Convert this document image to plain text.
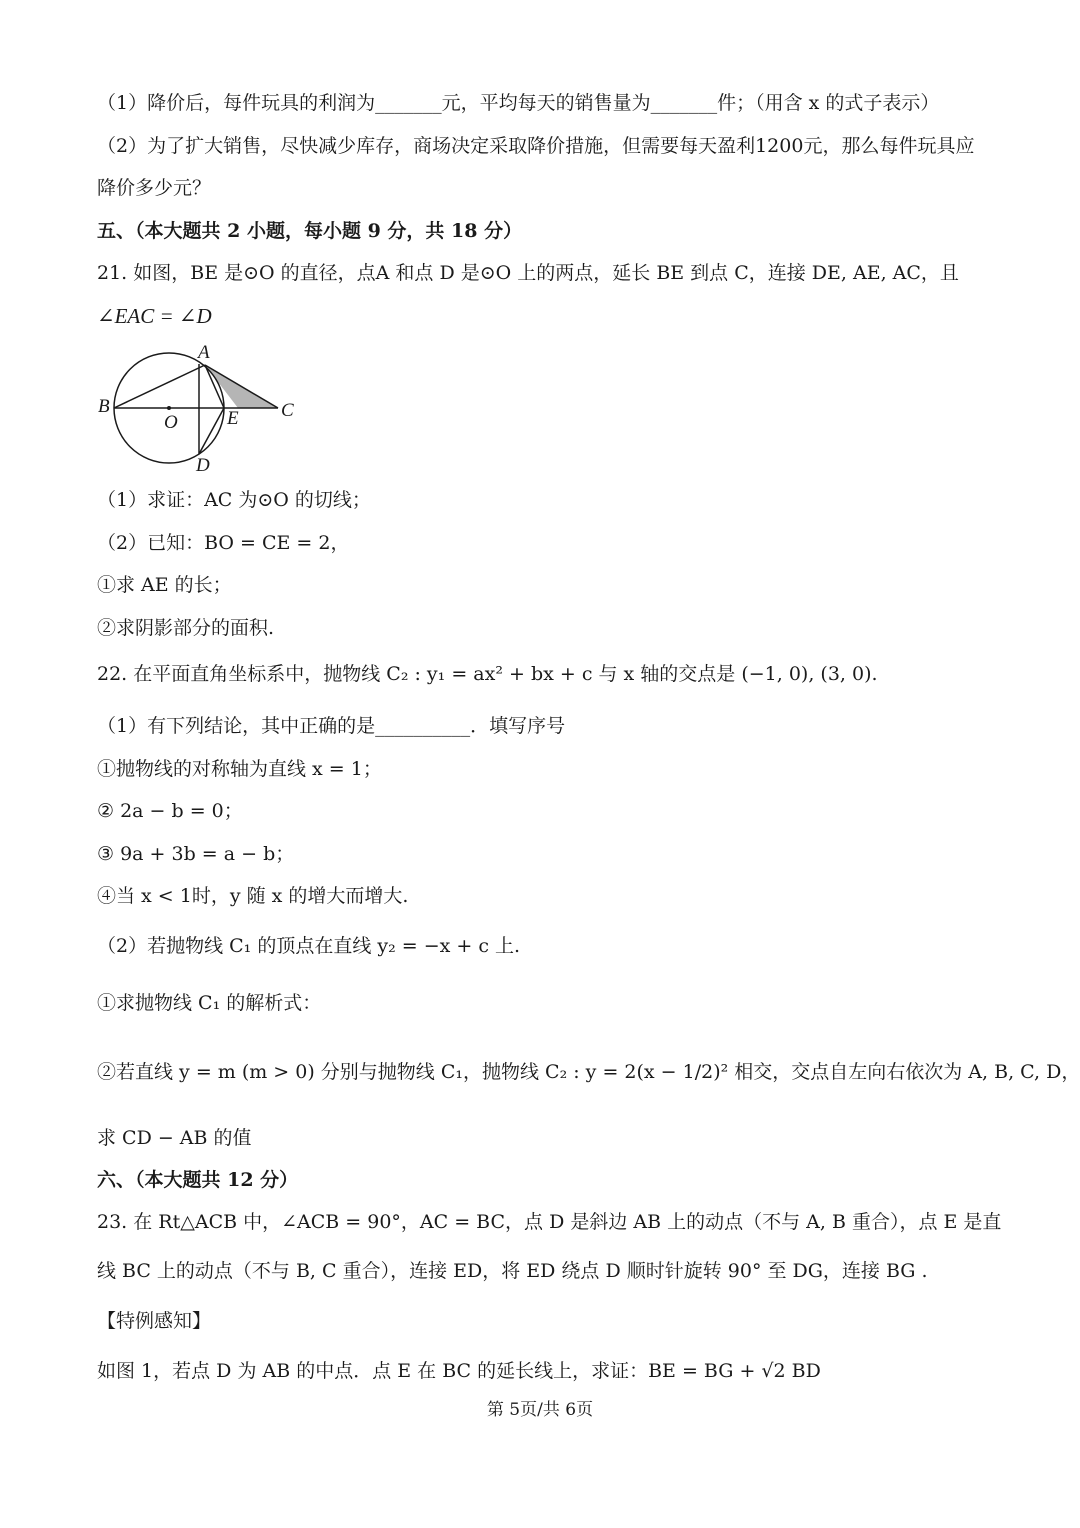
（1）降价后，每件玩具的利润为_______元，平均每天的销售量为_______件；（用含 x 的式子表示）
（2）为了扩大销售，尽快减少库存，商场决定采取降价措施，但需要每天盈利1200元，那么每件玩具应
降价多少元？
五、（本大题共 2 小题，每小题 9 分，共 18 分）
21. 如图，BE 是⊙O 的直径，点A 和点 D 是⊙O 上的两点，延长 BE 到点 C，连接 DE, AE, AC，且
∠EAC = ∠D
A
B
O	E C
D
（1）求证：AC 为⊙O 的切线；
（2）已知：BO = CE = 2，
①求 AE 的长；
②求阴影部分的面积.
22. 在平面直角坐标系中，抛物线 C₂ : y₁ = ax² + bx + c 与 x 轴的交点是 (−1, 0), (3, 0).
（1）有下列结论，其中正确的是__________．填写序号
①抛物线的对称轴为直线 x = 1；
② 2a − b = 0；
③ 9a + 3b = a − b；
④当 x < 1时，y 随 x 的增大而增大.
（2）若抛物线 C₁ 的顶点在直线 y₂ = −x + c 上.
①求抛物线 C₁ 的解析式：
②若直线 y = m (m > 0) 分别与抛物线 C₁，抛物线 C₂ : y = 2(x − 1/2)² 相交，交点自左向右依次为 A, B, C, D，
求 CD − AB 的值
六、（本大题共 12 分）
23. 在 Rt△ACB 中，∠ACB = 90°，AC = BC，点 D 是斜边 AB 上的动点（不与 A, B 重合），点 E 是直
线 BC 上的动点（不与 B, C 重合），连接 ED，将 ED 绕点 D 顺时针旋转 90° 至 DG，连接 BG .
【特例感知】
如图 1，若点 D 为 AB 的中点．点 E 在 BC 的延长线上，求证：BE = BG + √2 BD
第 5页/共 6页
